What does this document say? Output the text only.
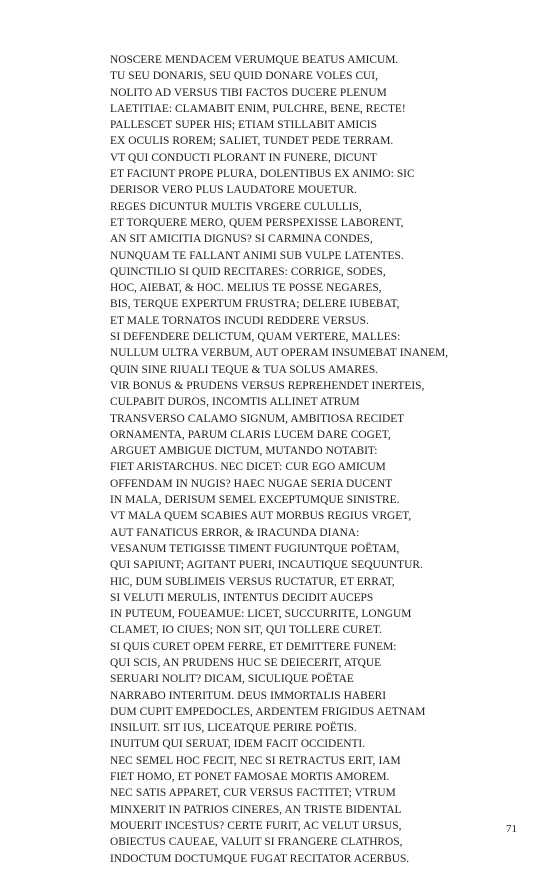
NOSCERE MENDACEM VERUMQUE BEATUS AMICUM.
TU SEU DONARIS, SEU QUID DONARE VOLES CUI,
NOLITO AD VERSUS TIBI FACTOS DUCERE PLENUM
LAETITIAE: CLAMABIT ENIM, PULCHRE, BENE, RECTE!
PALLESCET SUPER HIS; ETIAM STILLABIT AMICIS
EX OCULIS ROREM; SALIET, TUNDET PEDE TERRAM.
VT QUI CONDUCTI PLORANT IN FUNERE, DICUNT
ET FACIUNT PROPE PLURA, DOLENTIBUS EX ANIMO: SIC
DERISOR VERO PLUS LAUDATORE MOUETUR.
REGES DICUNTUR MULTIS VRGERE CULULLIS,
ET TORQUERE MERO, QUEM PERSPEXISSE LABORENT,
AN SIT AMICITIA DIGNUS? SI CARMINA CONDES,
NUNQUAM TE FALLANT ANIMI SUB VULPE LATENTES.
QUINCTILIO SI QUID RECITARES: CORRIGE, SODES,
HOC, AIEBAT, & HOC. MELIUS TE POSSE NEGARES,
BIS, TERQUE EXPERTUM FRUSTRA; DELERE IUBEBAT,
ET MALE TORNATOS INCUDI REDDERE VERSUS.
SI DEFENDERE DELICTUM, QUAM VERTERE, MALLES:
NULLUM ULTRA VERBUM, AUT OPERAM INSUMEBAT INANEM,
QUIN SINE RIUALI TEQUE & TUA SOLUS AMARES.
VIR BONUS & PRUDENS VERSUS REPREHENDET INERTEIS,
CULPABIT DUROS, INCOMTIS ALLINET ATRUM
TRANSVERSO CALAMO SIGNUM, AMBITIOSA RECIDET
ORNAMENTA, PARUM CLARIS LUCEM DARE COGET,
ARGUET AMBIGUE DICTUM, MUTANDO NOTABIT:
FIET ARISTARCHUS. NEC DICET: CUR EGO AMICUM
OFFENDAM IN NUGIS? HAEC NUGAE SERIA DUCENT
IN MALA, DERISUM SEMEL EXCEPTUMQUE SINISTRE.
VT MALA QUEM SCABIES AUT MORBUS REGIUS VRGET,
AUT FANATICUS ERROR, & IRACUNDA DIANA:
VESANUM TETIGISSE TIMENT FUGIUNTQUE POËTAM,
QUI SAPIUNT; AGITANT PUERI, INCAUTIQUE SEQUUNTUR.
HIC, DUM SUBLIMEIS VERSUS RUCTATUR, ET ERRAT,
SI VELUTI MERULIS, INTENTUS DECIDIT AUCEPS
IN PUTEUM, FOUEAMUE: LICET, SUCCURRITE, LONGUM
CLAMET, IO CIUES; NON SIT, QUI TOLLERE CURET.
SI QUIS CURET OPEM FERRE, ET DEMITTERE FUNEM:
QUI SCIS, AN PRUDENS HUC SE DEIECERIT, ATQUE
SERUARI NOLIT? DICAM, SICULIQUE POËTAE
NARRABO INTERITUM. DEUS IMMORTALIS HABERI
DUM CUPIT EMPEDOCLES, ARDENTEM FRIGIDUS AETNAM
INSILUIT. SIT IUS, LICEATQUE PERIRE POËTIS.
INUITUM QUI SERUAT, IDEM FACIT OCCIDENTI.
NEC SEMEL HOC FECIT, NEC SI RETRACTUS ERIT, IAM
FIET HOMO, ET PONET FAMOSAE MORTIS AMOREM.
NEC SATIS APPARET, CUR VERSUS FACTITET; VTRUM
MINXERIT IN PATRIOS CINERES, AN TRISTE BIDENTAL
MOUERIT INCESTUS? CERTE FURIT, AC VELUT URSUS,
OBIECTUS CAUEAE, VALUIT SI FRANGERE CLATHROS,
INDOCTUM DOCTUMQUE FUGAT RECITATOR ACERBUS.
71
